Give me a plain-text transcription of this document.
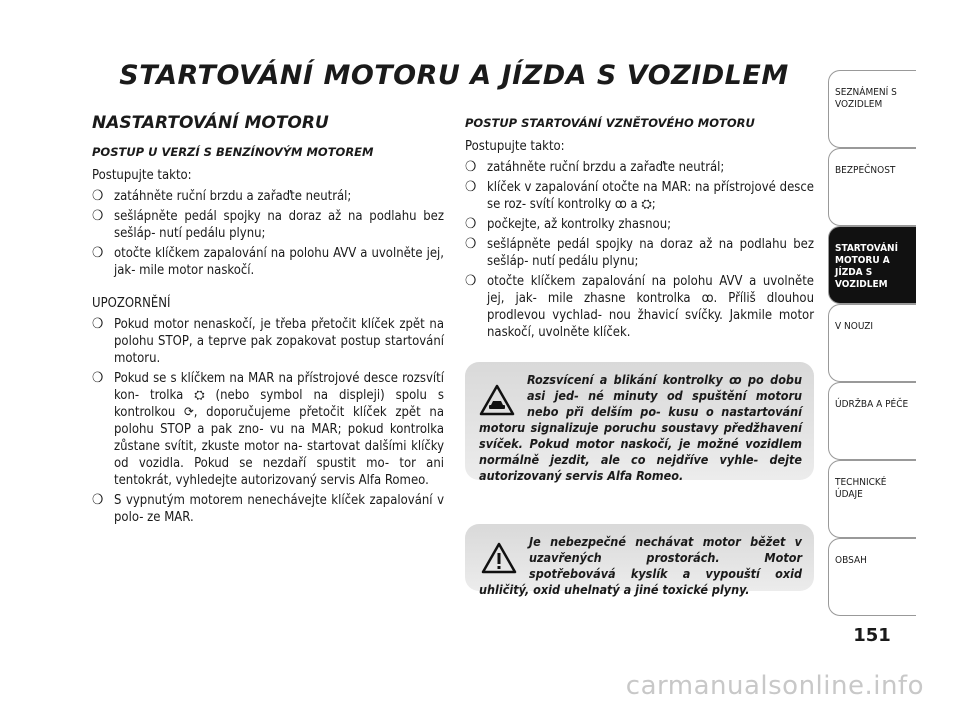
STARTOVÁNÍ MOTORU A JÍZDA S VOZIDLEM
NASTARTOVÁNÍ MOTORU
POSTUP U VERZÍ S BENZÍNOVÝM MOTOREM

Postupujte takto:

❍ zatáhněte ruční brzdu a zařaďte neutrál;
❍ sešlápněte pedál spojky na doraz až na podlahu bez sešláp- nutí pedálu plynu;
❍ otočte klíčkem zapalování na polohu AVV a uvolněte jej, jak- mile motor naskočí.

UPOZORNĚNÍ

❍ Pokud motor nenaskočí, je třeba přetočit klíček zpět na polohu STOP, a teprve pak zopakovat postup startování motoru.
❍ Pokud se s klíčkem na MAR na přístrojové desce rozsvítí kon- trolka ⛭ (nebo symbol na displeji) spolu s kontrolkou ⟳, doporučujeme přetočit klíček zpět na polohu STOP a pak zno- vu na MAR; pokud kontrolka zůstane svítit, zkuste motor na- startovat dalšími klíčky od vozidla. Pokud se nezdaří spustit mo- tor ani tentokrát, vyhledejte autorizovaný servis Alfa Romeo.
❍ S vypnutým motorem nenechávejte klíček zapalování v polo- ze MAR.
POSTUP STARTOVÁNÍ VZNĚTOVÉHO MOTORU

Postupujte takto:

❍ zatáhněte ruční brzdu a zařaďte neutrál;
❍ klíček v zapalování otočte na MAR: na přístrojové desce se roz- svítí kontrolky ꝏ a ⛭;
❍ počkejte, až kontrolky zhasnou;
❍ sešlápněte pedál spojky na doraz až na podlahu bez sešláp- nutí pedálu plynu;
❍ otočte klíčkem zapalování na polohu AVV a uvolněte jej, jak- mile zhasne kontrolka ꝏ. Příliš dlouhou prodlevou vychlad- nou žhavicí svíčky. Jakmile motor naskočí, uvolněte klíček.
Rozsvícení a blikání kontrolky ꝏ po dobu asi jed- né minuty od spuštění motoru nebo při delším po- kusu o nastartování motoru signalizuje poruchu soustavy předžhavení svíček. Pokud motor naskočí, je možné vozidlem normálně jezdit, ale co nejdříve vyhle- dejte autorizovaný servis Alfa Romeo.
Je nebezpečné nechávat motor běžet v uzavřených prostorách. Motor spotřebovává kyslík a vypouští oxid uhličitý, oxid uhelnatý a jiné toxické plyny.
SEZNÁMENÍ S VOZIDLEM
BEZPEČNOST
STARTOVÁNÍ MOTORU A JÍZDA S VOZIDLEM
V NOUZI
ÚDRŽBA A PÉČE
TECHNICKÉ ÚDAJE
OBSAH

151

carmanualsonline.info
